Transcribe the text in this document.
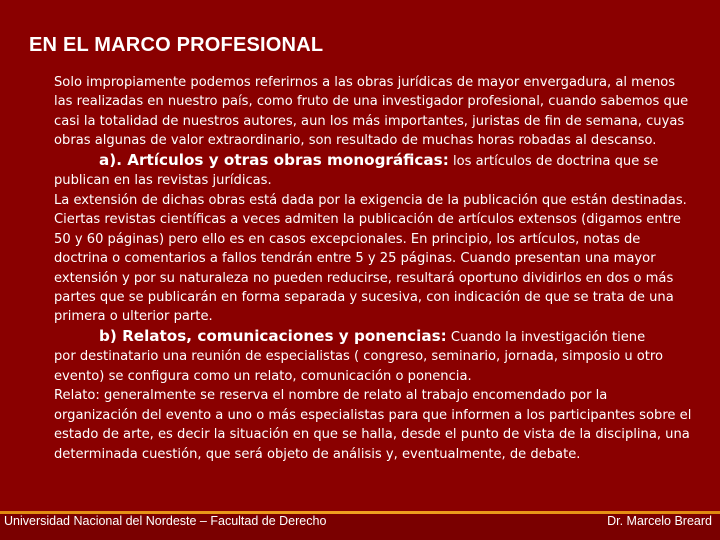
EN EL MARCO PROFESIONAL

Solo impropiamente podemos referirnos a las obras jurídicas de mayor envergadura, al menos las realizadas en nuestro país, como fruto de una investigador profesional, cuando sabemos que casi la totalidad de nuestros autores, aun los más importantes, juristas de fin de semana, cuyas obras algunas de valor extraordinario, son resultado de muchas horas robadas al descanso.

a). Artículos y otras obras monográficas: los artículos de doctrina que se

publican en las revistas jurídicas.

La extensión de dichas obras está dada por la exigencia de la publicación que están destinadas. Ciertas revistas científicas a veces admiten la publicación de artículos extensos (digamos entre 50 y 60 páginas) pero ello es en casos excepcionales. En principio, los artículos, notas de doctrina o comentarios a fallos tendrán entre 5 y 25 páginas. Cuando presentan una mayor extensión y por su naturaleza no pueden reducirse, resultará oportuno dividirlos en dos o más partes que se publicarán en forma separada y sucesiva, con indicación de que se trata de una primera o ulterior parte.

b) Relatos, comunicaciones y ponencias: Cuando la investigación tiene

por destinatario una reunión de especialistas ( congreso, seminario, jornada, simposio u otro evento) se configura como un relato, comunicación o ponencia.

Relato: generalmente se reserva el nombre de relato al trabajo encomendado por la organización del evento a uno o más especialistas para que informen a los participantes sobre el estado de arte, es decir la situación en que se halla, desde el punto de vista de la disciplina, una determinada cuestión, que será objeto de análisis y, eventualmente, de debate.

Universidad Nacional del Nordeste – Facultad de Derecho	Dr. Marcelo Breard
